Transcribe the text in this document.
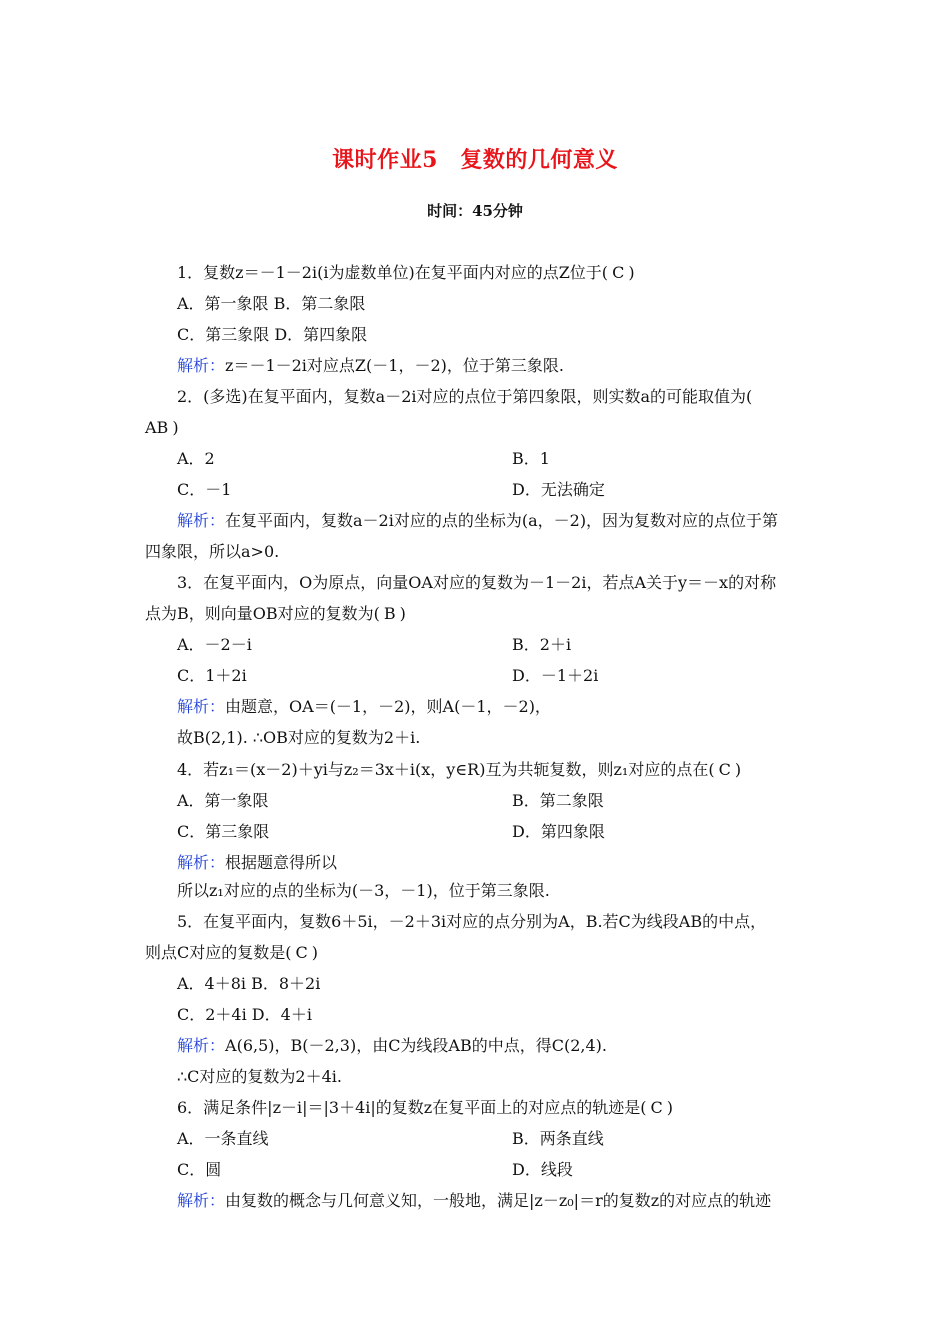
课时作业5　复数的几何意义
时间：45分钟
1．复数z＝－1－2i(i为虚数单位)在复平面内对应的点Z位于( C )
A．第一象限 B．第二象限
C．第三象限 D．第四象限
解析：z＝－1－2i对应点Z(－1，－2)，位于第三象限.
2．(多选)在复平面内，复数a－2i对应的点位于第四象限，则实数a的可能取值为(
AB )
A．2	B．1
C．－1	D．无法确定
解析：在复平面内，复数a－2i对应的点的坐标为(a，－2)，因为复数对应的点位于第
四象限，所以a>0.
3．在复平面内，O为原点，向量OA对应的复数为－1－2i，若点A关于y＝－x的对称
点为B，则向量OB对应的复数为( B )
A．－2－i	B．2＋i
C．1＋2i	D．－1＋2i
解析：由题意，OA＝(－1，－2)，则A(－1，－2)，
故B(2,1). ∴OB对应的复数为2＋i.
4．若z₁＝(x－2)＋yi与z₂＝3x＋i(x，y∈R)互为共轭复数，则z₁对应的点在( C )
A．第一象限	B．第二象限
C．第三象限	D．第四象限
解析：根据题意得所以
所以z₁对应的点的坐标为(－3，－1)，位于第三象限.
5．在复平面内，复数6＋5i，－2＋3i对应的点分别为A，B.若C为线段AB的中点，
则点C对应的复数是( C )
A．4＋8i B．8＋2i
C．2＋4i D．4＋i
解析：A(6,5)，B(－2,3)，由C为线段AB的中点，得C(2,4).
∴C对应的复数为2＋4i.
6．满足条件|z－i|＝|3＋4i|的复数z在复平面上的对应点的轨迹是( C )
A．一条直线	B．两条直线
C．圆	D．线段
解析：由复数的概念与几何意义知，一般地，满足|z－z₀|＝r的复数z的对应点的轨迹
